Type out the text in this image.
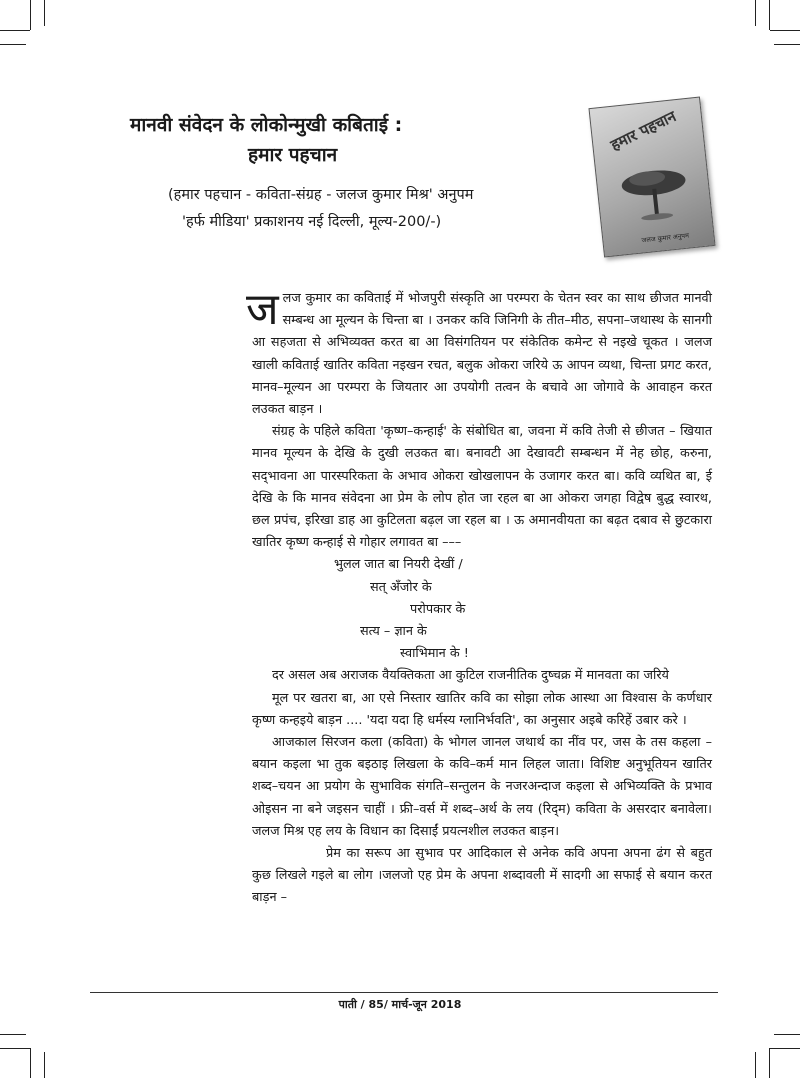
मानवी संवेदन के लोकोन्मुखी कबिताई :
हमार पहचान
(हमार पहचान - कविता-संग्रह - जलज कुमार मिश्र' अनुपम
'हर्फ मीडिया' प्रकाशनय नई दिल्ली, मूल्य-200/-)
हमार पहचान
जलज कुमार अनुपम

जलज कुमार का कविताई में भोजपुरी संस्कृति आ परम्परा के चेतन स्वर का साथ छीजत मानवी सम्बन्ध आ मूल्यन के चिन्ता बा । उनकर कवि जिनिगी के तीत–मीठ, सपना–जथास्थ के सानगी आ सहजता से अभिव्यक्त करत बा आ विसंगतियन पर संकेतिक कमेन्ट से नइखे चूकत । जलज खाली कविताई खातिर कविता नइखन रचत, बलुक ओकरा जरिये ऊ आपन व्यथा, चिन्ता प्रगट करत, मानव–मूल्यन आ परम्परा के जियतार आ उपयोगी तत्वन के बचावे आ जोगावे के आवाहन करत लउकत बाड़न ।

संग्रह के पहिले कविता 'कृष्ण–कन्हाई' के संबोधित बा, जवना में कवि तेजी से छीजत – खियात मानव मूल्यन के देखि के दुखी लउकत बा। बनावटी आ देखावटी सम्बन्धन में नेह छोह, करुना, सद्‌भावना आ पारस्परिकता के अभाव ओकरा खोखलापन के उजागर करत बा। कवि व्यथित बा, ई देखि के कि मानव संवेदना आ प्रेम के लोप होत जा रहल बा आ ओकरा जगहा विद्वेष बुद्ध स्वारथ, छल प्रपंच, इरिखा डाह आ कुटिलता बढ़ल जा रहल बा । ऊ अमानवीयता का बढ़त दबाव से छुटकारा खातिर कृष्ण कन्हाई से गोहार लगावत बा –––

भुलल जात बा नियरी देखीं /
सत् अँजोर के
परोपकार के
सत्य – ज्ञान के
स्वाभिमान के !

दर असल अब अराजक वैयक्तिकता आ कुटिल राजनीतिक दुष्चक्र में मानवता का जरिये

मूल पर खतरा बा, आ एसे निस्तार खातिर कवि का सोझा लोक आस्था आ विश्वास के कर्णधार कृष्ण कन्हइये बाड़न .... 'यदा यदा हि धर्मस्य ग्लानिर्भवति', का अनुसार अइबे करिहें उबार करे ।

आजकाल सिरजन कला (कविता) के भोगल जानल जथार्थ का नींव पर, जस के तस कहला –बयान कइला भा तुक बइठाइ लिखला के कवि–कर्म मान लिहल जाता। विशिष्ट अनुभूतियन खातिर शब्द–चयन आ प्रयोग के सुभाविक संगति–सन्तुलन के नजरअन्दाज कइला से अभिव्यक्ति के प्रभाव ओइसन ना बने जइसन चाहीं । फ्री–वर्स में शब्द–अर्थ के लय (रिद्‌म) कविता के असरदार बनावेला। जलज मिश्र एह लय के विधान का दिसाईं प्रयत्नशील लउकत बाड़न।

प्रेम का सरूप आ सुभाव पर आदिकाल से अनेक कवि अपना अपना ढंग से बहुत कुछ लिखले गइले बा लोग ।जलजो एह प्रेम के अपना शब्दावली में सादगी आ सफाई से बयान करत बाड़न –

पाती / 85/ मार्च-जून 2018
